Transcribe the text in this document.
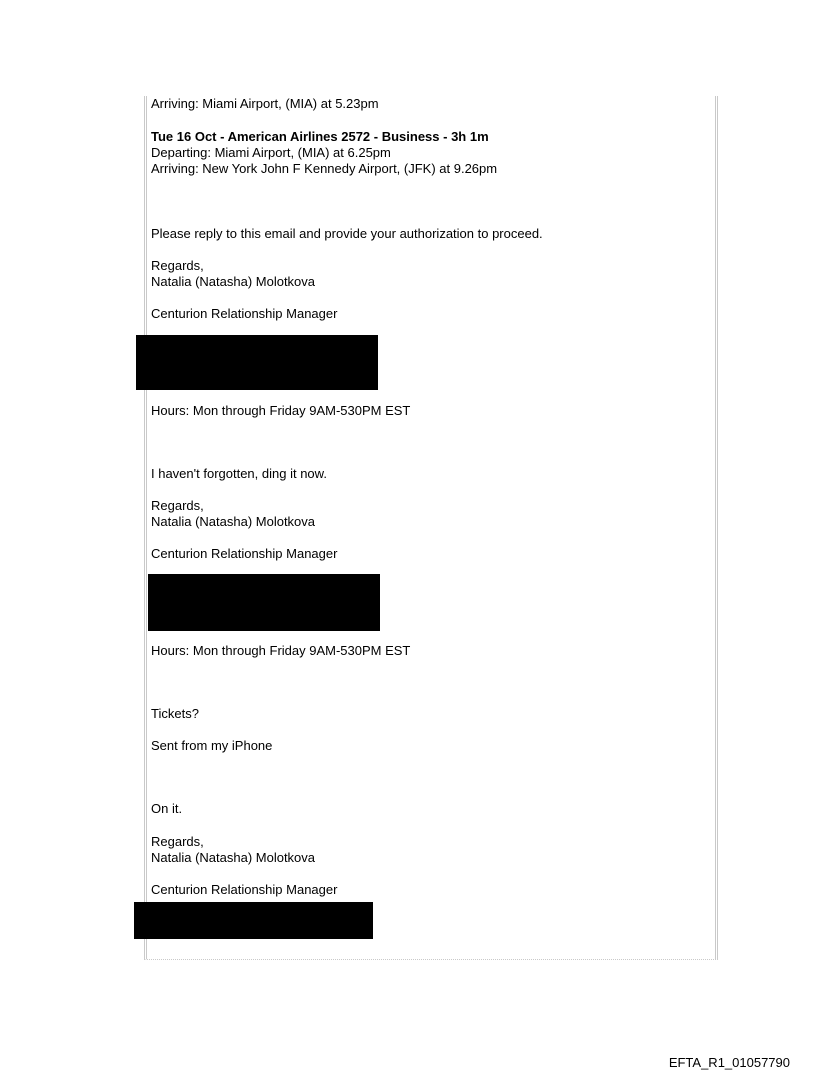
Arriving: Miami Airport, (MIA) at 5.23pm
Tue 16 Oct - American Airlines 2572 - Business - 3h 1m
Departing: Miami Airport, (MIA) at 6.25pm
Arriving: New York John F Kennedy Airport, (JFK) at 9.26pm
Please reply to this email and provide your authorization to proceed.
Regards,
Natalia (Natasha) Molotkova
Centurion Relationship Manager
Hours: Mon through Friday 9AM-530PM EST
I haven't forgotten, ding it now.
Regards,
Natalia (Natasha) Molotkova
Centurion Relationship Manager
Hours: Mon through Friday 9AM-530PM EST
Tickets?
Sent from my iPhone
On it.
Regards,
Natalia (Natasha) Molotkova
Centurion Relationship Manager
EFTA_R1_01057790
